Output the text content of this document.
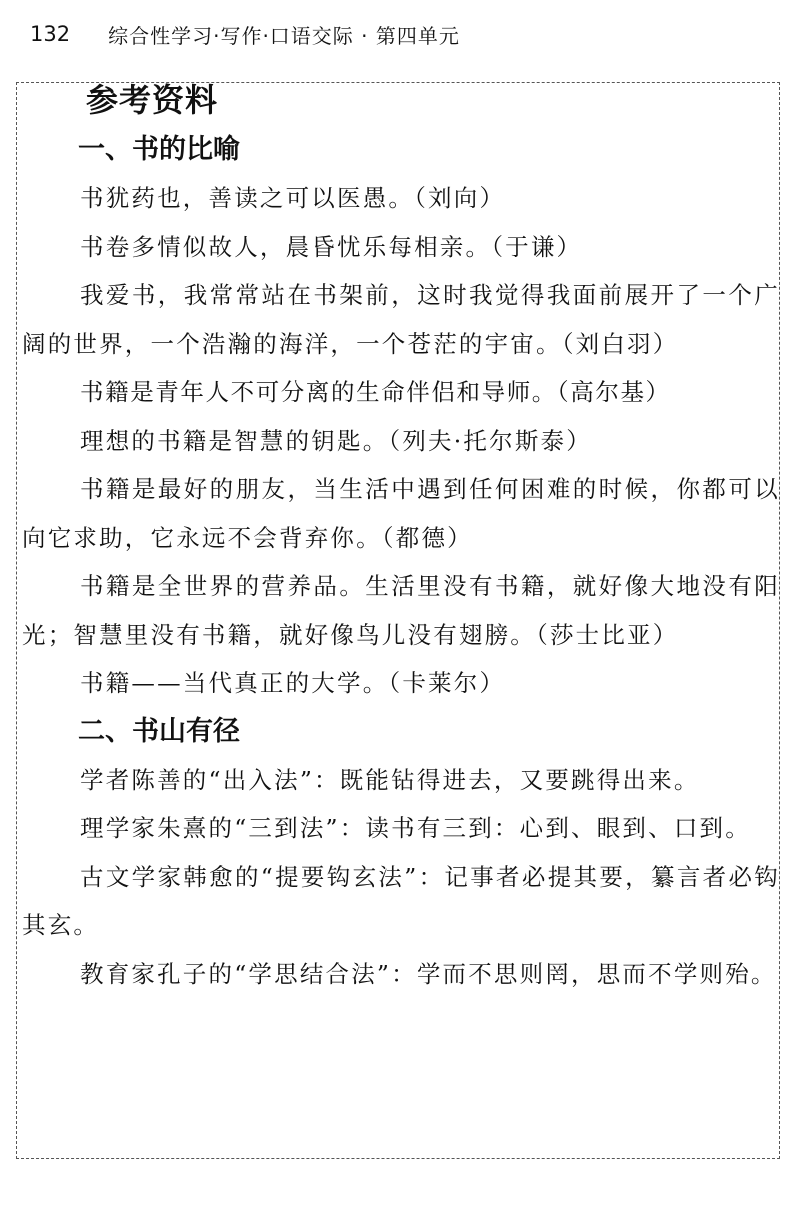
132 综合性学习·写作·口语交际 · 第四单元
参考资料

一、书的比喻

书犹药也，善读之可以医愚。（刘向）

书卷多情似故人，晨昏忧乐每相亲。（于谦）

我爱书，我常常站在书架前，这时我觉得我面前展开了一个广阔的世界，一个浩瀚的海洋，一个苍茫的宇宙。（刘白羽）

书籍是青年人不可分离的生命伴侣和导师。（高尔基）

理想的书籍是智慧的钥匙。（列夫·托尔斯泰）

书籍是最好的朋友，当生活中遇到任何困难的时候，你都可以向它求助，它永远不会背弃你。（都德）

书籍是全世界的营养品。生活里没有书籍，就好像大地没有阳光；智慧里没有书籍，就好像鸟儿没有翅膀。（莎士比亚）

书籍——当代真正的大学。（卡莱尔）

二、书山有径

学者陈善的“出入法”：既能钻得进去，又要跳得出来。

理学家朱熹的“三到法”：读书有三到：心到、眼到、口到。

古文学家韩愈的“提要钩玄法”：记事者必提其要，纂言者必钩其玄。

教育家孔子的“学思结合法”：学而不思则罔，思而不学则殆。
